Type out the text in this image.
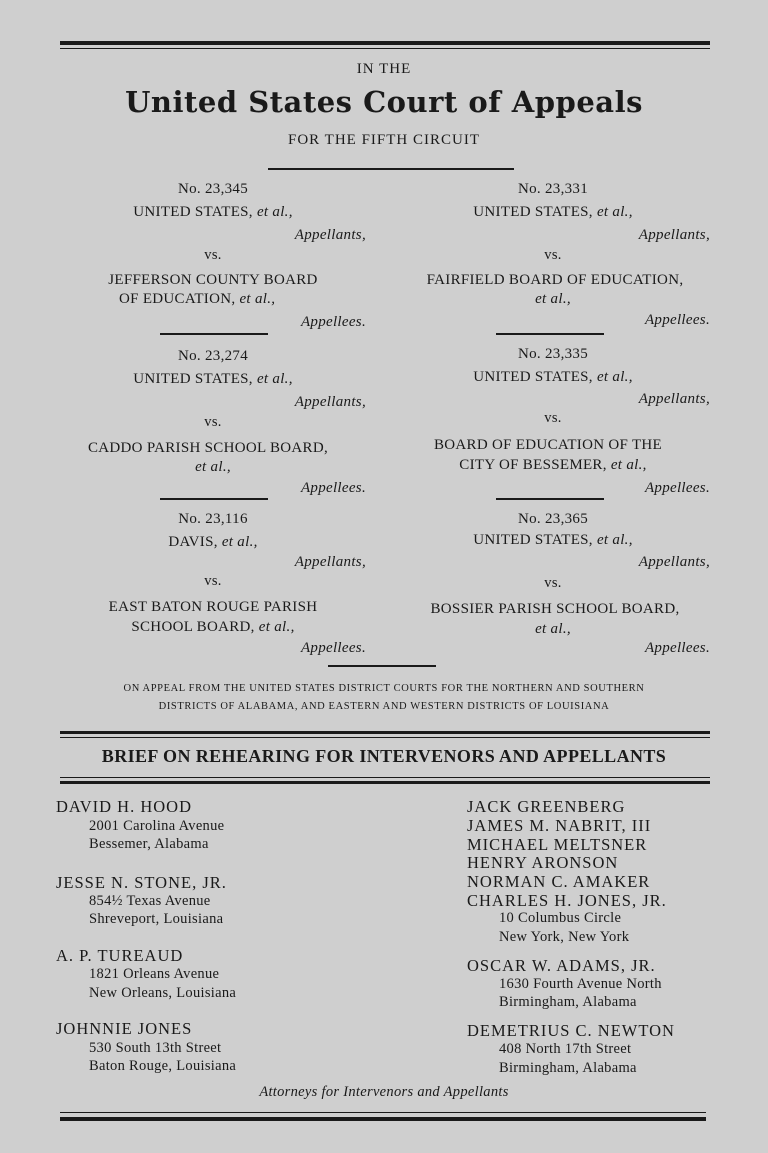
IN THE
United States Court of Appeals
FOR THE FIFTH CIRCUIT
No. 23,345
UNITED STATES, et al.,
Appellants,
vs.
JEFFERSON COUNTY BOARD
OF EDUCATION, et al.,
Appellees.
No. 23,274
UNITED STATES, et al.,
Appellants,
vs.
CADDO PARISH SCHOOL BOARD,
et al.,
Appellees.
No. 23,116
DAVIS, et al.,
Appellants,
vs.
EAST BATON ROUGE PARISH
SCHOOL BOARD, et al.,
Appellees.
No. 23,331
UNITED STATES, et al.,
Appellants,
vs.
FAIRFIELD BOARD OF EDUCATION,
et al.,
Appellees.
No. 23,335
UNITED STATES, et al.,
Appellants,
vs.
BOARD OF EDUCATION OF THE
CITY OF BESSEMER, et al.,
Appellees.
No. 23,365
UNITED STATES, et al.,
Appellants,
vs.
BOSSIER PARISH SCHOOL BOARD,
et al.,
Appellees.
ON APPEAL FROM THE UNITED STATES DISTRICT COURTS FOR THE NORTHERN AND SOUTHERN
DISTRICTS OF ALABAMA, AND EASTERN AND WESTERN DISTRICTS OF LOUISIANA
BRIEF ON REHEARING FOR INTERVENORS AND APPELLANTS
DAVID H. HOOD
2001 Carolina Avenue
Bessemer, Alabama
JESSE N. STONE, JR.
854½ Texas Avenue
Shreveport, Louisiana
A. P. TUREAUD
1821 Orleans Avenue
New Orleans, Louisiana
JOHNNIE JONES
530 South 13th Street
Baton Rouge, Louisiana
JACK GREENBERG
JAMES M. NABRIT, III
MICHAEL MELTSNER
HENRY ARONSON
NORMAN C. AMAKER
CHARLES H. JONES, JR.
10 Columbus Circle
New York, New York
OSCAR W. ADAMS, JR.
1630 Fourth Avenue North
Birmingham, Alabama
DEMETRIUS C. NEWTON
408 North 17th Street
Birmingham, Alabama
Attorneys for Intervenors and Appellants
